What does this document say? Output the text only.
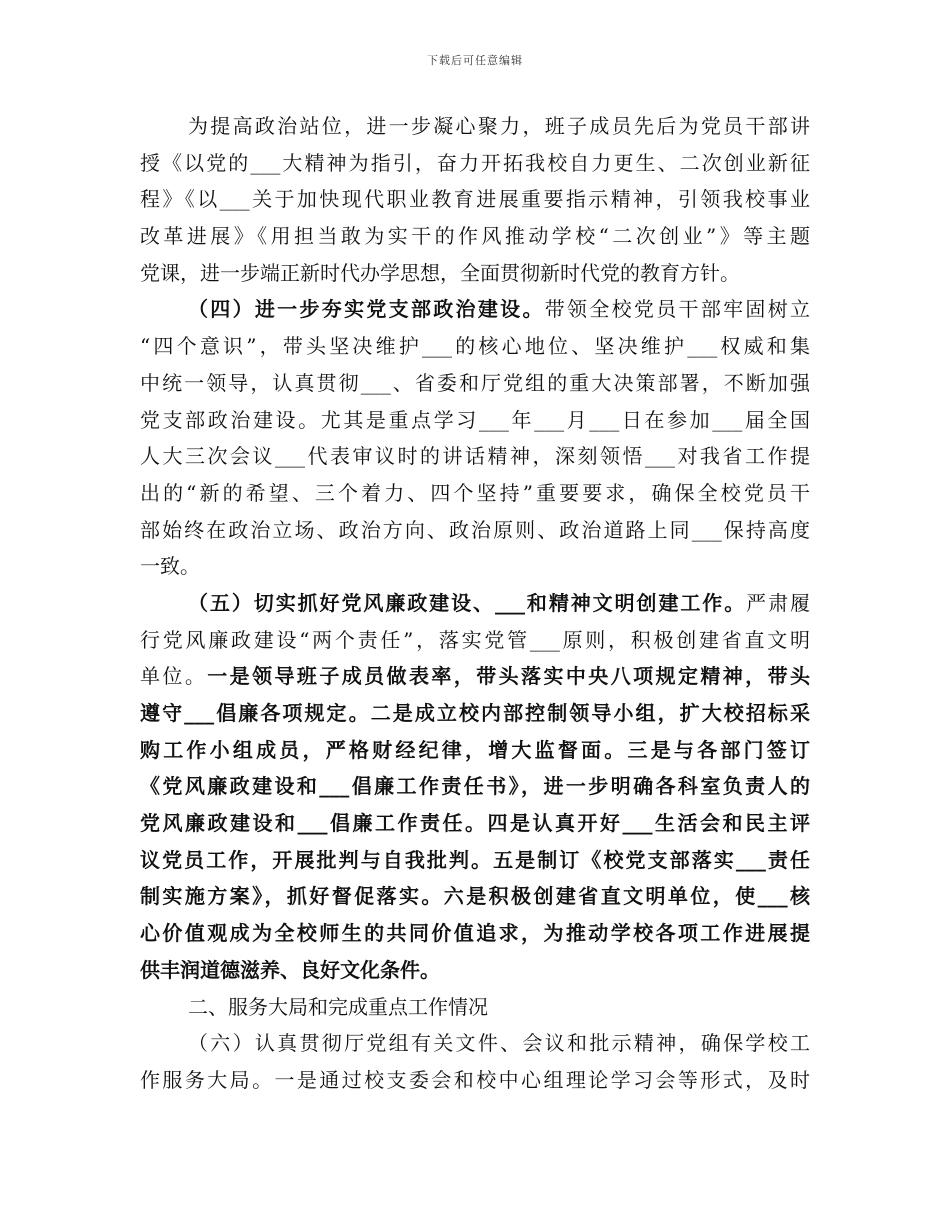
下载后可任意编辑
为提高政治站位，进一步凝心聚力，班子成员先后为党员干部讲
授《以党的___大精神为指引，奋力开拓我校自力更生、二次创业新征
程》《以___关于加快现代职业教育进展重要指示精神，引领我校事业
改革进展》《用担当敢为实干的作风推动学校“二次创业”》等主题
党课，进一步端正新时代办学思想，全面贯彻新时代党的教育方针。
（四）进一步夯实党支部政治建设。带领全校党员干部牢固树立
“四个意识”，带头坚决维护___的核心地位、坚决维护___权威和集
中统一领导，认真贯彻___、省委和厅党组的重大决策部署，不断加强
党支部政治建设。尤其是重点学习___年___月___日在参加___届全国
人大三次会议___代表审议时的讲话精神，深刻领悟___对我省工作提
出的“新的希望、三个着力、四个坚持”重要要求，确保全校党员干
部始终在政治立场、政治方向、政治原则、政治道路上同___保持高度
一致。
（五）切实抓好党风廉政建设、___和精神文明创建工作。严肃履
行党风廉政建设“两个责任”，落实党管___原则，积极创建省直文明
单位。一是领导班子成员做表率，带头落实中央八项规定精神，带头
遵守___倡廉各项规定。二是成立校内部控制领导小组，扩大校招标采
购工作小组成员，严格财经纪律，增大监督面。三是与各部门签订
《党风廉政建设和___倡廉工作责任书》，进一步明确各科室负责人的
党风廉政建设和___倡廉工作责任。四是认真开好___生活会和民主评
议党员工作，开展批判与自我批判。五是制订《校党支部落实___责任
制实施方案》，抓好督促落实。六是积极创建省直文明单位，使___核
心价值观成为全校师生的共同价值追求，为推动学校各项工作进展提
供丰润道德滋养、良好文化条件。
二、服务大局和完成重点工作情况
（六）认真贯彻厅党组有关文件、会议和批示精神，确保学校工
作服务大局。一是通过校支委会和校中心组理论学习会等形式，及时
